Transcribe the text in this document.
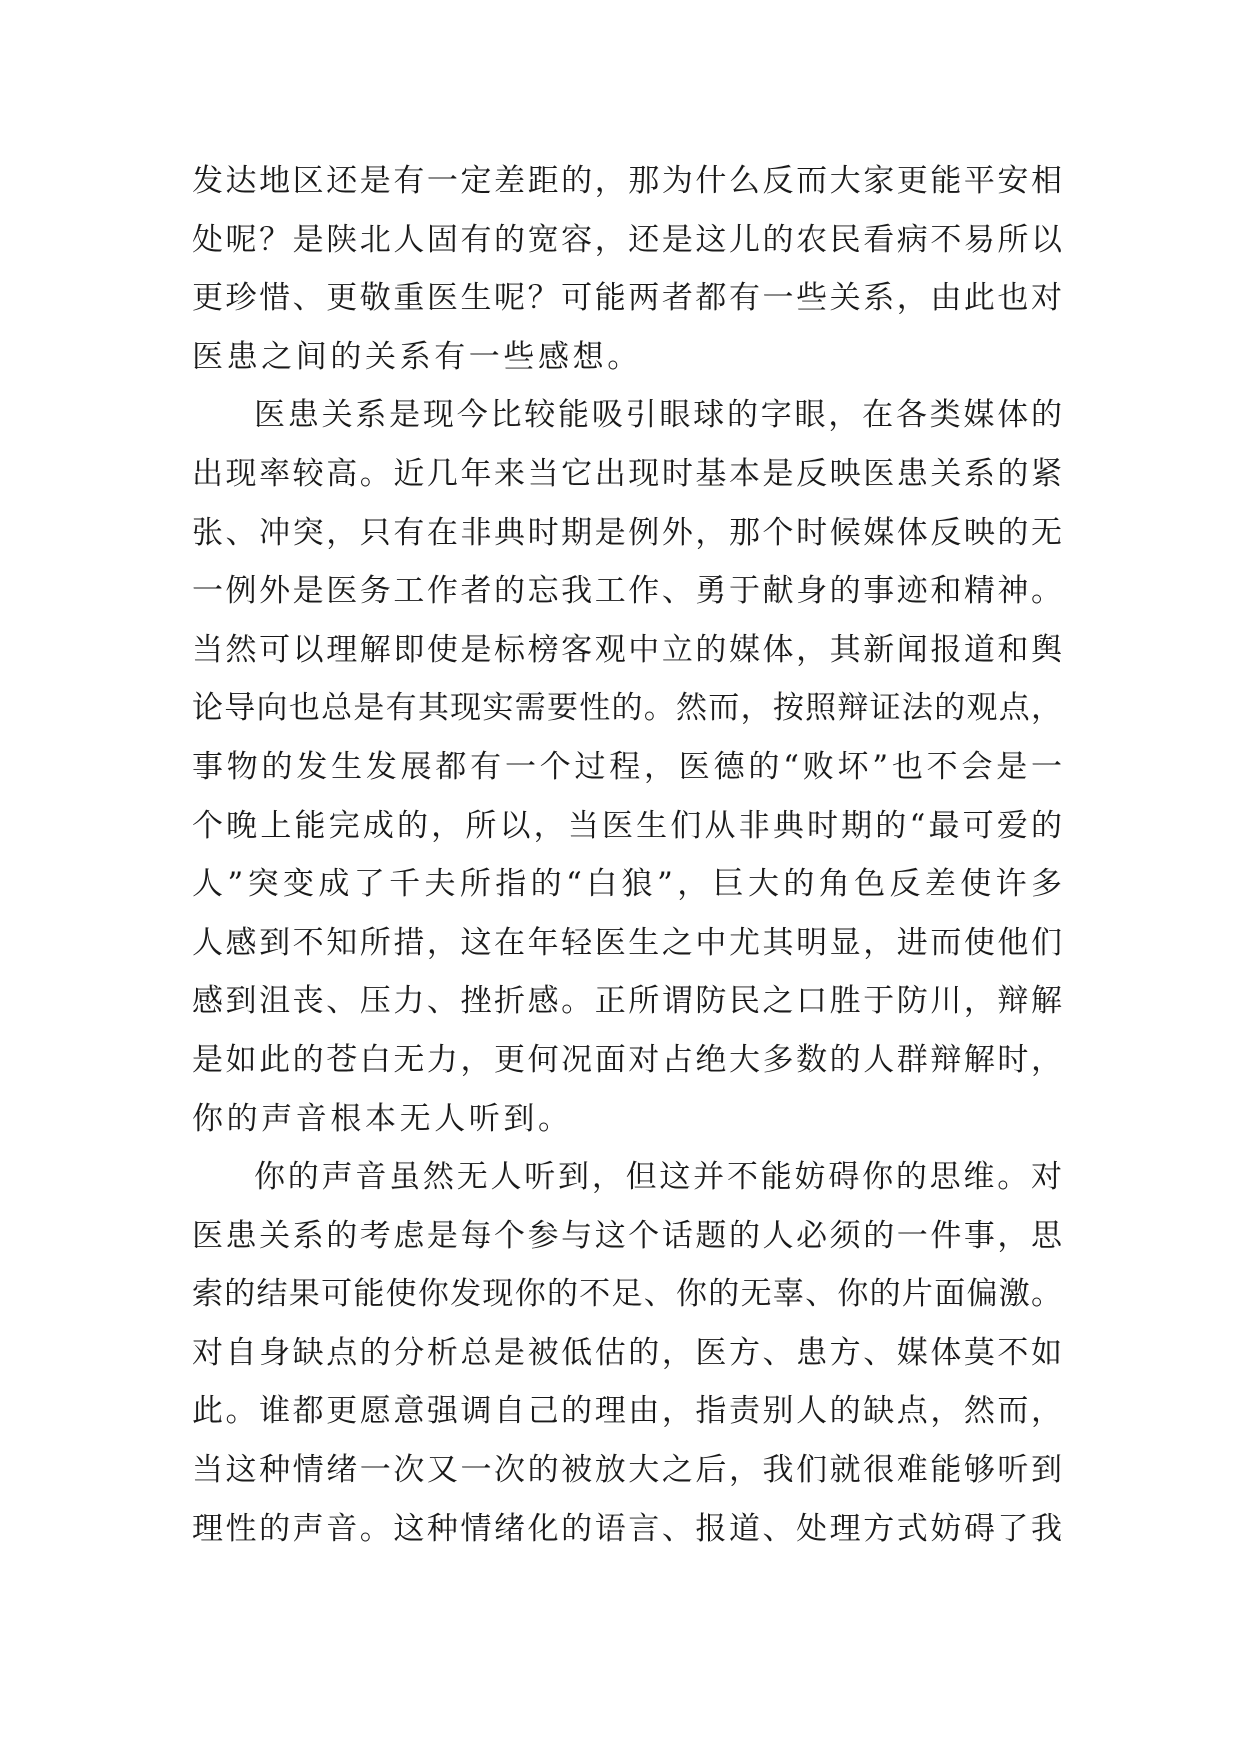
发达地区还是有一定差距的，那为什么反而大家更能平安相
处呢？是陕北人固有的宽容，还是这儿的农民看病不易所以
更珍惜、更敬重医生呢？可能两者都有一些关系，由此也对
医患之间的关系有一些感想。
医患关系是现今比较能吸引眼球的字眼，在各类媒体的
出现率较高。近几年来当它出现时基本是反映医患关系的紧
张、冲突，只有在非典时期是例外，那个时候媒体反映的无
一例外是医务工作者的忘我工作、勇于献身的事迹和精神。
当然可以理解即使是标榜客观中立的媒体，其新闻报道和舆
论导向也总是有其现实需要性的。然而，按照辩证法的观点，
事物的发生发展都有一个过程，医德的“败坏”也不会是一
个晚上能完成的，所以，当医生们从非典时期的“最可爱的
人”突变成了千夫所指的“白狼”，巨大的角色反差使许多
人感到不知所措，这在年轻医生之中尤其明显，进而使他们
感到沮丧、压力、挫折感。正所谓防民之口胜于防川，辩解
是如此的苍白无力，更何况面对占绝大多数的人群辩解时，
你的声音根本无人听到。
你的声音虽然无人听到，但这并不能妨碍你的思维。对
医患关系的考虑是每个参与这个话题的人必须的一件事，思
索的结果可能使你发现你的不足、你的无辜、你的片面偏激。
对自身缺点的分析总是被低估的，医方、患方、媒体莫不如
此。谁都更愿意强调自己的理由，指责别人的缺点，然而，
当这种情绪一次又一次的被放大之后，我们就很难能够听到
理性的声音。这种情绪化的语言、报道、处理方式妨碍了我
